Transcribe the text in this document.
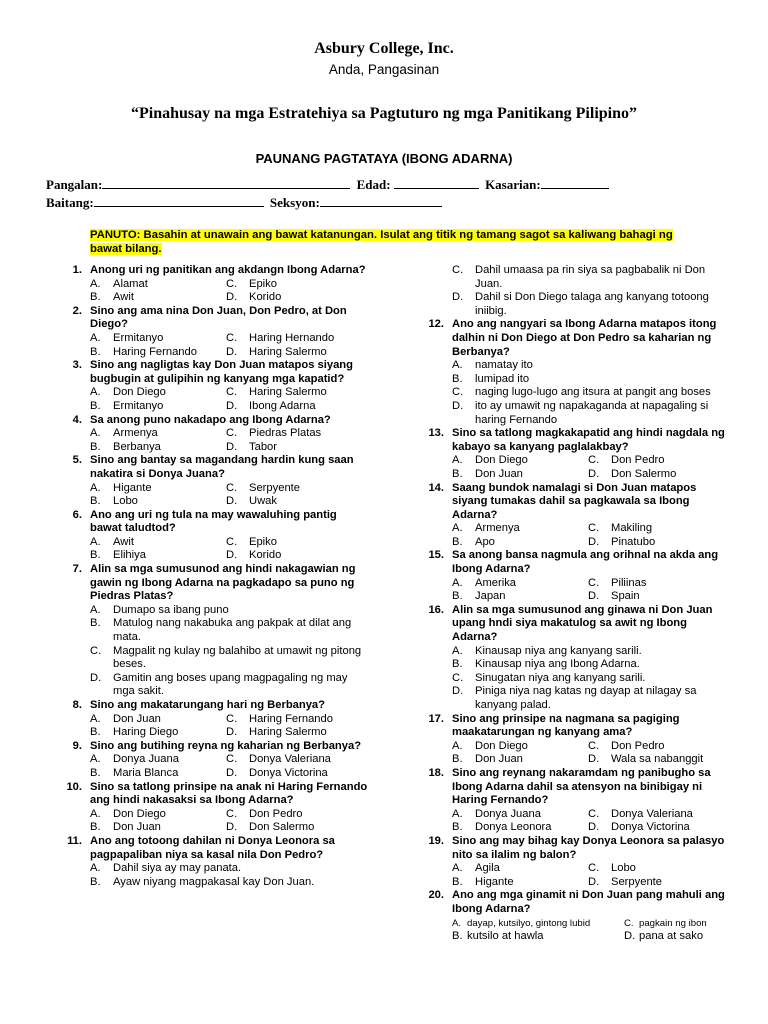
Asbury College, Inc.
Anda, Pangasinan
“Pinahusay na mga Estratehiya sa Pagtuturo ng mga Panitikang Pilipino”
PAUNANG PAGTATAYA (IBONG ADARNA)
Pangalan:	Edad:	Kasarian:
Baitang:	Seksyon:
PANUTO: Basahin at unawain ang bawat katanungan. Isulat ang titik ng tamang sagot sa kaliwang bahagi ng bawat bilang.
1. Anong uri ng panitikan ang akdangn Ibong Adarna?
A. Alamat	C. Epiko
B. Awit	D. Korido
2. Sino ang ama nina Don Juan, Don Pedro, at Don Diego?
A. Ermitanyo	C. Haring Hernando
B. Haring Fernando	D. Haring Salermo
3. Sino ang nagligtas kay Don Juan matapos siyang bugbugin at gulipihin ng kanyang mga kapatid?
A. Don Diego	C. Haring Salermo
B. Ermitanyo	D. Ibong Adarna
4. Sa anong puno nakadapo ang Ibong Adarna?
A. Armenya	C. Piedras Platas
B. Berbanya	D. Tabor
5. Sino ang bantay sa magandang hardin kung saan nakatira si Donya Juana?
A. Higante	C. Serpyente
B. Lobo	D. Uwak
6. Ano ang uri ng tula na may wawaluhing pantig bawat taludtod?
A. Awit	C. Epiko
B. Elihiya	D. Korido
7. Alin sa mga sumusunod ang hindi nakagawian ng gawin ng Ibong Adarna na pagkadapo sa puno ng Piedras Platas?
A. Dumapo sa ibang puno
B. Matulog nang nakabuka ang pakpak at dilat ang mata.
C. Magpalit ng kulay ng balahibo at umawit ng pitong beses.
D. Gamitin ang boses upang magpagaling ng may mga sakit.
8. Sino ang makatarungang hari ng Berbanya?
A. Don Juan	C. Haring Fernando
B. Haring Diego	D. Haring Salermo
9. Sino ang butihing reyna ng kaharian ng Berbanya?
A. Donya Juana	C. Donya Valeriana
B. Maria Blanca	D. Donya Victorina
10. Sino sa tatlong prinsipe na anak ni Haring Fernando ang hindi nakasaksi sa Ibong Adarna?
A. Don Diego	C. Don Pedro
B. Don Juan	D. Don Salermo
11. Ano ang totoong dahilan ni Donya Leonora sa pagpapaliban niya sa kasal nila Don Pedro?
A. Dahil siya ay may panata.
B. Ayaw niyang magpakasal kay Don Juan.
C. Dahil umaasa pa rin siya sa pagbabalik ni Don Juan.
D. Dahil si Don Diego talaga ang kanyang totoong iniibig.
12. Ano ang nangyari sa Ibong Adarna matapos itong dalhin ni Don Diego at Don Pedro sa kaharian ng Berbanya?
A. namatay ito
B. lumipad ito
C. naging lugo-lugo ang itsura at pangit ang boses
D. ito ay umawit ng napakaganda at napagaling si haring Fernando
13. Sino sa tatlong magkakapatid ang hindi nagdala ng kabayo sa kanyang paglalakbay?
A. Don Diego	C. Don Pedro
B. Don Juan	D. Don Salermo
14. Saang bundok namalagi si Don Juan matapos siyang tumakas dahil sa pagkawala sa Ibong Adarna?
A. Armenya	C. Makiling
B. Apo	D. Pinatubo
15. Sa anong bansa nagmula ang orihnal na akda ang Ibong Adarna?
A. Amerika	C. Piliinas
B. Japan	D. Spain
16. Alin sa mga sumusunod ang ginawa ni Don Juan upang hndi siya makatulog sa awit ng Ibong Adarna?
A. Kinausap niya ang kanyang sarili.
B. Kinausap niya ang Ibong Adarna.
C. Sinugatan niya ang kanyang sarili.
D. Piniga niya nag katas ng dayap at nilagay sa kanyang palad.
17. Sino ang prinsipe na nagmana sa pagiging maakatarungan ng kanyang ama?
A. Don Diego	C. Don Pedro
B. Don Juan	D. Wala sa nabanggit
18. Sino ang reynang nakaramdam ng panibugho sa Ibong Adarna dahil sa atensyon na binibigay ni Haring Fernando?
A. Donya Juana	C. Donya Valeriana
B. Donya Leonora	D. Donya Victorina
19. Sino ang may bihag kay Donya Leonora sa palasyo nito sa ilalim ng balon?
A. Agila	C. Lobo
B. Higante	D. Serpyente
20. Ano ang mga ginamit ni Don Juan pang mahuli ang Ibong Adarna?
A. dayap, kutsilyo, gintong lubid	C. pagkain ng ibon
B. kutsilo at hawla	D. pana at sako
